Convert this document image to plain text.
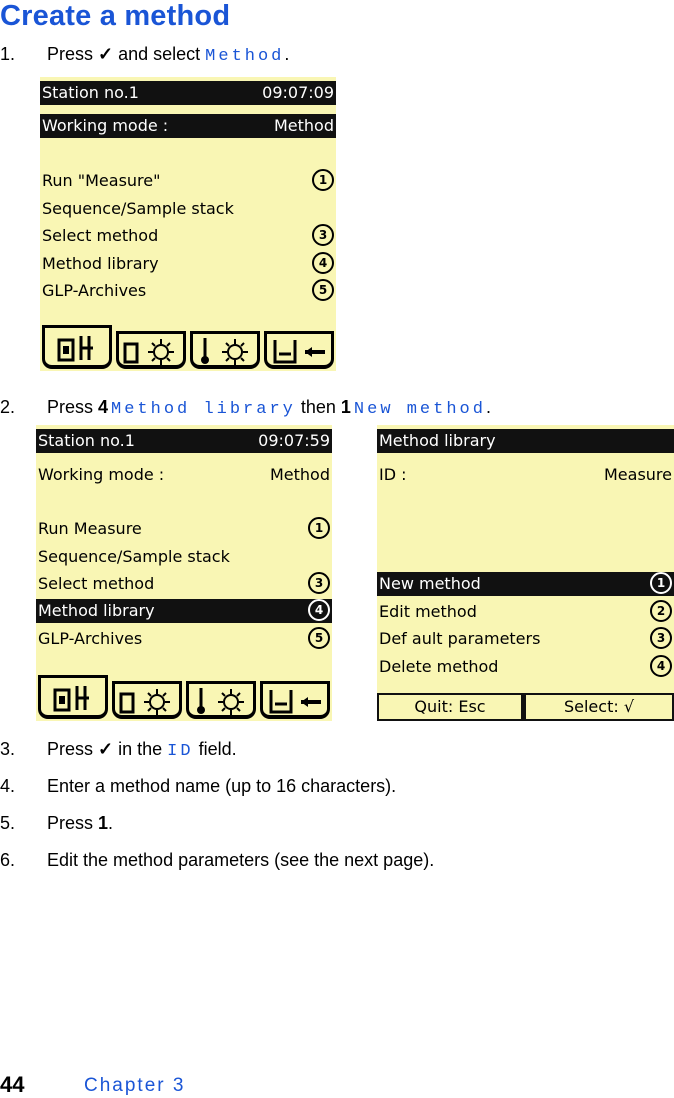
Create a method
1.	Press ✓ and select Method.
Station no.1	09:07:09
Working mode :	Method
Run "Measure"	1
Sequence/Sample stack
Select method	3
Method library	4
GLP-Archives	5
2.	Press 4 Method library then 1 New method.
Station no.1	09:07:59
Working mode :	Method
Run Measure	1
Sequence/Sample stack
Select method	3
Method library	4
GLP-Archives	5
Method library
ID :	Measure
New method	1
Edit method	2
Def ault parameters	3
Delete method	4
Quit: Esc	Select: √
3.	Press ✓ in the ID field.
4.	Enter a method name (up to 16 characters).
5.	Press 1.
6.	Edit the method parameters (see the next page).
44	Chapter 3
